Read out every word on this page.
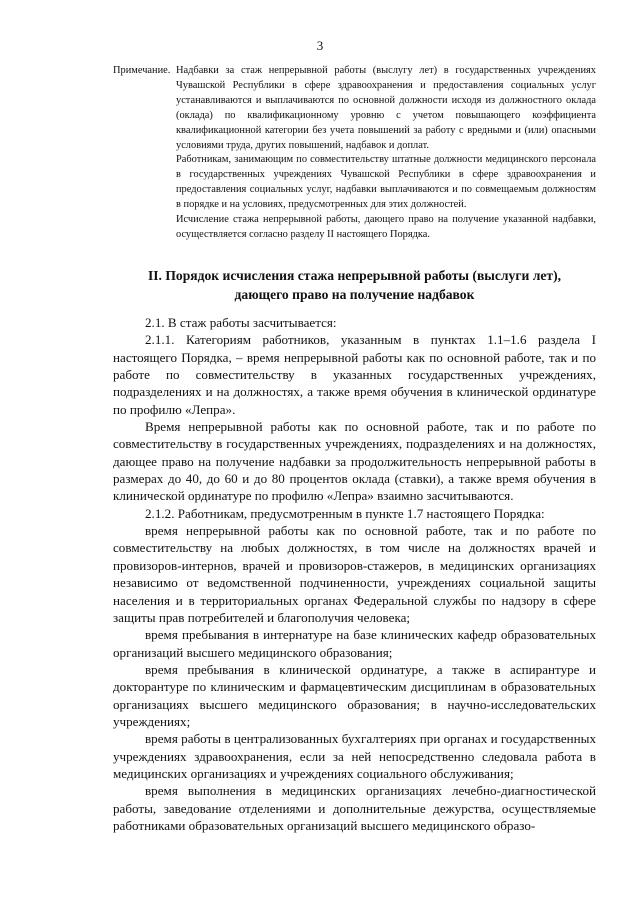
3
Примечание. Надбавки за стаж непрерывной работы (выслугу лет) в государственных учреждениях Чувашской Республики в сфере здравоохранения и предоставления социальных услуг устанавливаются и выплачиваются по основной должности исходя из должностного оклада (оклада) по квалификационному уровню с учетом повышающего коэффициента квалификационной категории без учета повышений за работу с вредными и (или) опасными условиями труда, других повышений, надбавок и доплат.

Работникам, занимающим по совместительству штатные должности медицинского персонала в государственных учреждениях Чувашской Республики в сфере здравоохранения и предоставления социальных услуг, надбавки выплачиваются и по совмещаемым должностям в порядке и на условиях, предусмотренных для этих должностей.

Исчисление стажа непрерывной работы, дающего право на получение указанной надбавки, осуществляется согласно разделу II настоящего Порядка.

II. Порядок исчисления стажа непрерывной работы (выслуги лет),
дающего право на получение надбавок

2.1. В стаж работы засчитывается:

2.1.1. Категориям работников, указанным в пунктах 1.1–1.6 раздела I настоящего Порядка, – время непрерывной работы как по основной работе, так и по работе по совместительству в указанных государственных учреждениях, подразделениях и на должностях, а также время обучения в клинической ординатуре по профилю «Лепра».

Время непрерывной работы как по основной работе, так и по работе по совместительству в государственных учреждениях, подразделениях и на должностях, дающее право на получение надбавки за продолжительность непрерывной работы в размерах до 40, до 60 и до 80 процентов оклада (ставки), а также время обучения в клинической ординатуре по профилю «Лепра» взаимно засчитываются.

2.1.2. Работникам, предусмотренным в пункте 1.7 настоящего Порядка:

время непрерывной работы как по основной работе, так и по работе по совместительству на любых должностях, в том числе на должностях врачей и провизоров-интернов, врачей и провизоров-стажеров, в медицинских организациях независимо от ведомственной подчиненности, учреждениях социальной защиты населения и в территориальных органах Федеральной службы по надзору в сфере защиты прав потребителей и благополучия человека;

время пребывания в интернатуре на базе клинических кафедр образовательных организаций высшего медицинского образования;

время пребывания в клинической ординатуре, а также в аспирантуре и докторантуре по клиническим и фармацевтическим дисциплинам в образовательных организациях высшего медицинского образования; в научно-исследовательских учреждениях;

время работы в централизованных бухгалтериях при органах и государственных учреждениях здравоохранения, если за ней непосредственно следовала работа в медицинских организациях и учреждениях социального обслуживания;

время выполнения в медицинских организациях лечебно-диагностической работы, заведование отделениями и дополнительные дежурства, осуществляемые работниками образовательных организаций высшего медицинского образо-
